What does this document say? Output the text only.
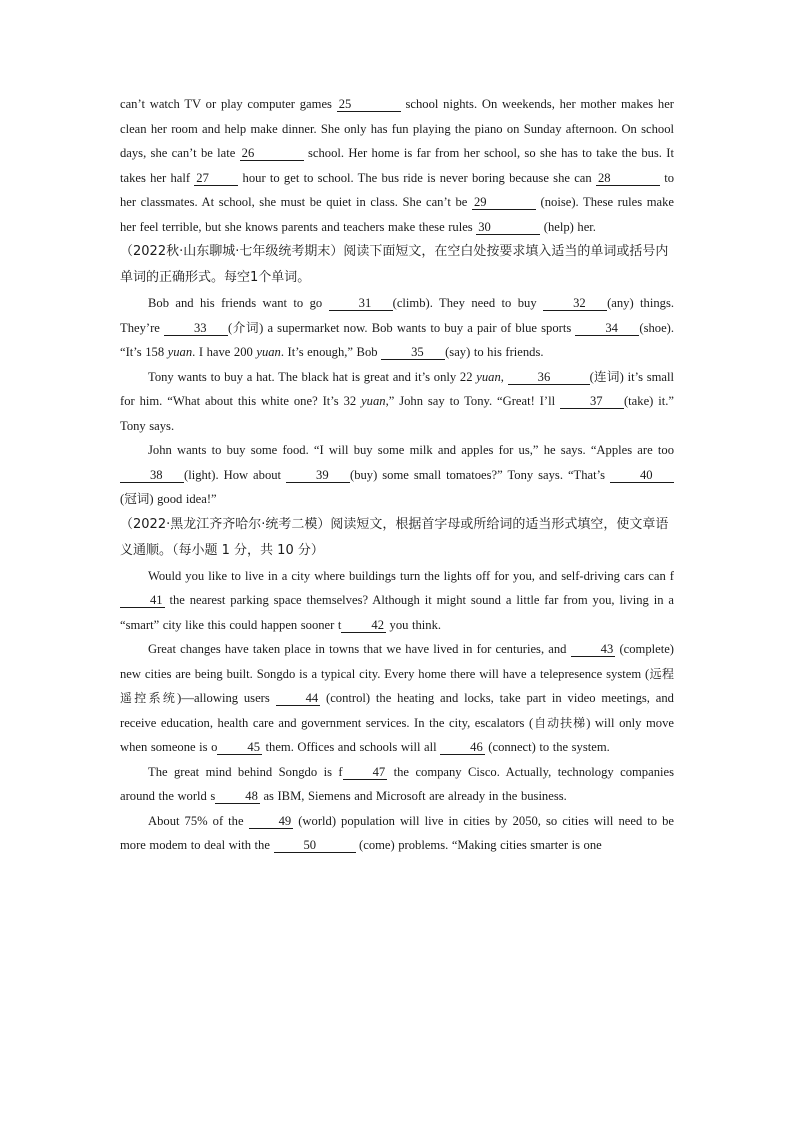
can’t watch TV or play computer games 25	school nights. On weekends, her mother makes her clean her room and help make dinner. She only has fun playing the piano on Sunday afternoon. On school days, she can’t be late 26	school. Her home is far from her school, so she has to take the bus. It takes her half 27 hour to get to school. The bus ride is never boring because she can 28	to her classmates. At school, she must be quiet in class. She can’t be 29	(noise). These rules make her feel terrible, but she knows parents and teachers make these rules 30	(help) her.

（2022秋·山东聊城·七年级统考期末）阅读下面短文，在空白处按要求填入适当的单词或括号内单词的正确形式。每空1个单词。

Bob and his friends want to go 31 (climb). They need to buy 32 (any) things. They’re 33 (介词) a supermarket now. Bob wants to buy a pair of blue sports 34 (shoe). “It’s 158 yuan. I have 200 yuan. It’s enough,” Bob 35 (say) to his friends.

Tony wants to buy a hat. The black hat is great and it’s only 22 yuan, 36	(连词) it’s small for him. “What about this white one? It’s 32 yuan,” John say to Tony. “Great! I’ll 37 (take) it.” Tony says.

John wants to buy some food. “I will buy some milk and apples for us,” he says. “Apples are too 38 (light). How about 39 (buy) some small tomatoes?” Tony says. “That’s 40(冠词) good idea!”

（2022·黑龙江齐齐哈尔·统考二模）阅读短文，根据首字母或所给词的适当形式填空，使文章语义通顺。（每小题 1 分，共 10 分）

Would you like to live in a city where buildings turn the lights off for you, and self-driving cars can f41 the nearest parking space themselves? Although it might sound a little far from you, living in a “smart” city like this could happen sooner t 42 you think.

Great changes have taken place in towns that we have lived in for centuries, and 43 (complete) new cities are being built. Songdo is a typical city. Every home there will have a telepresence system (远程遥控系统)—allowing users 44 (control) the heating and locks, take part in video meetings, and receive education, health care and government services. In the city, escalators (自动扶梯) will only move when someone is o 45 them. Offices and schools will all 46 (connect) to the system.

The great mind behind Songdo is f 47 the company Cisco. Actually, technology companies around the world s 48 as IBM, Siemens and Microsoft are already in the business.

About 75% of the 49 (world) population will live in cities by 2050, so cities will need to be more modem to deal with the 50	(come) problems. “Making cities smarter is one
